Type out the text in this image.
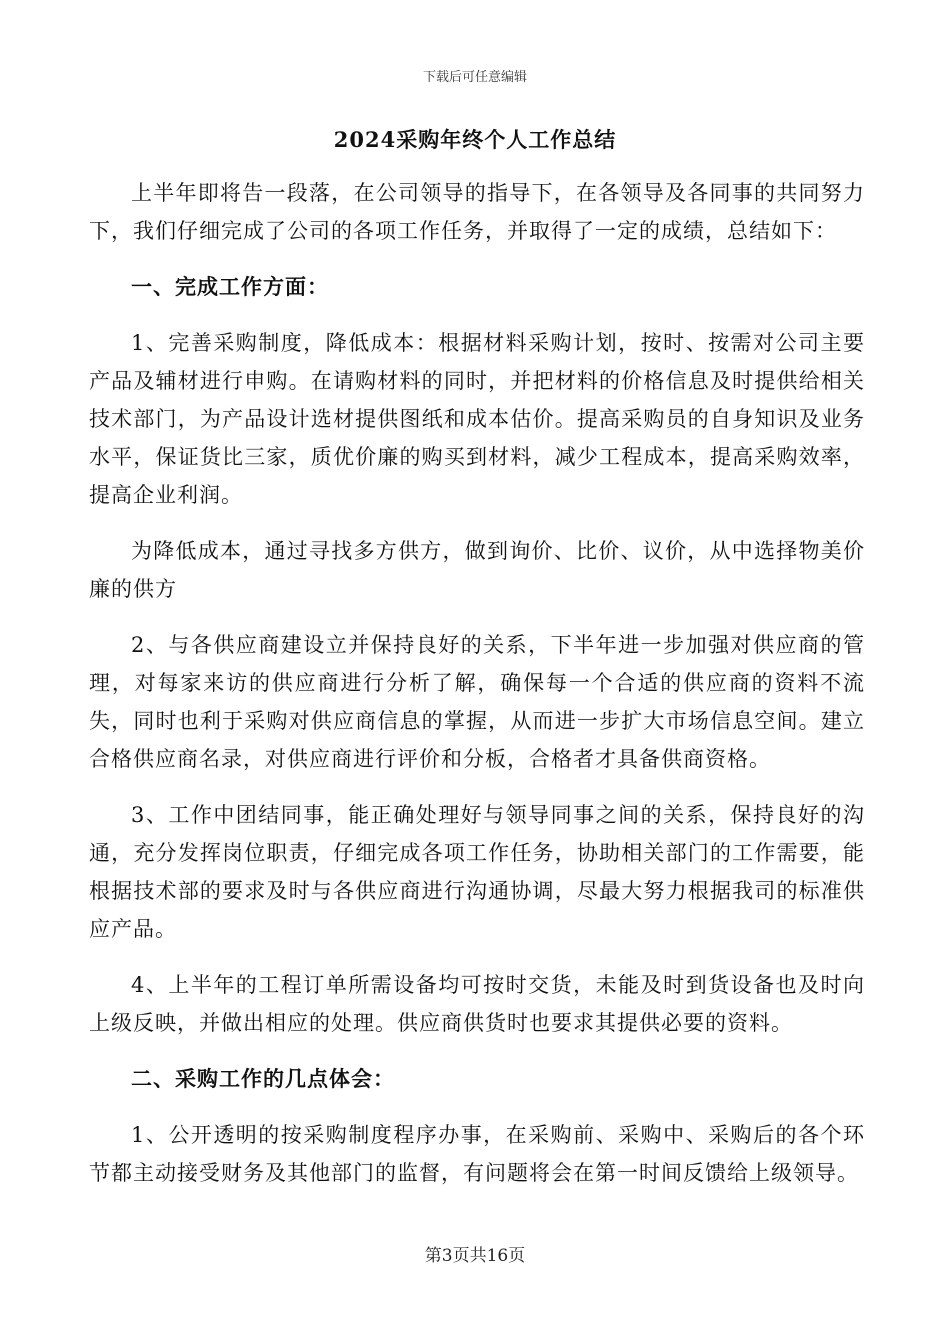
下载后可任意编辑
2024采购年终个人工作总结

上半年即将告一段落，在公司领导的指导下，在各领导及各同事的共同努力下，我们仔细完成了公司的各项工作任务，并取得了一定的成绩，总结如下：

一、完成工作方面：

1、完善采购制度，降低成本：根据材料采购计划，按时、按需对公司主要产品及辅材进行申购。在请购材料的同时，并把材料的价格信息及时提供给相关技术部门，为产品设计选材提供图纸和成本估价。提高采购员的自身知识及业务水平，保证货比三家，质优价廉的购买到材料，减少工程成本，提高采购效率，提高企业利润。

为降低成本，通过寻找多方供方，做到询价、比价、议价，从中选择物美价廉的供方

2、与各供应商建设立并保持良好的关系，下半年进一步加强对供应商的管理，对每家来访的供应商进行分析了解，确保每一个合适的供应商的资料不流失，同时也利于采购对供应商信息的掌握，从而进一步扩大市场信息空间。建立合格供应商名录，对供应商进行评价和分板，合格者才具备供商资格。

3、工作中团结同事，能正确处理好与领导同事之间的关系，保持良好的沟通，充分发挥岗位职责，仔细完成各项工作任务，协助相关部门的工作需要，能根据技术部的要求及时与各供应商进行沟通协调，尽最大努力根据我司的标准供应产品。

4、上半年的工程订单所需设备均可按时交货，未能及时到货设备也及时向上级反映，并做出相应的处理。供应商供货时也要求其提供必要的资料。

二、采购工作的几点体会：

1、公开透明的按采购制度程序办事，在采购前、采购中、采购后的各个环节都主动接受财务及其他部门的监督，有问题将会在第一时间反馈给上级领导。

第3页共16页
